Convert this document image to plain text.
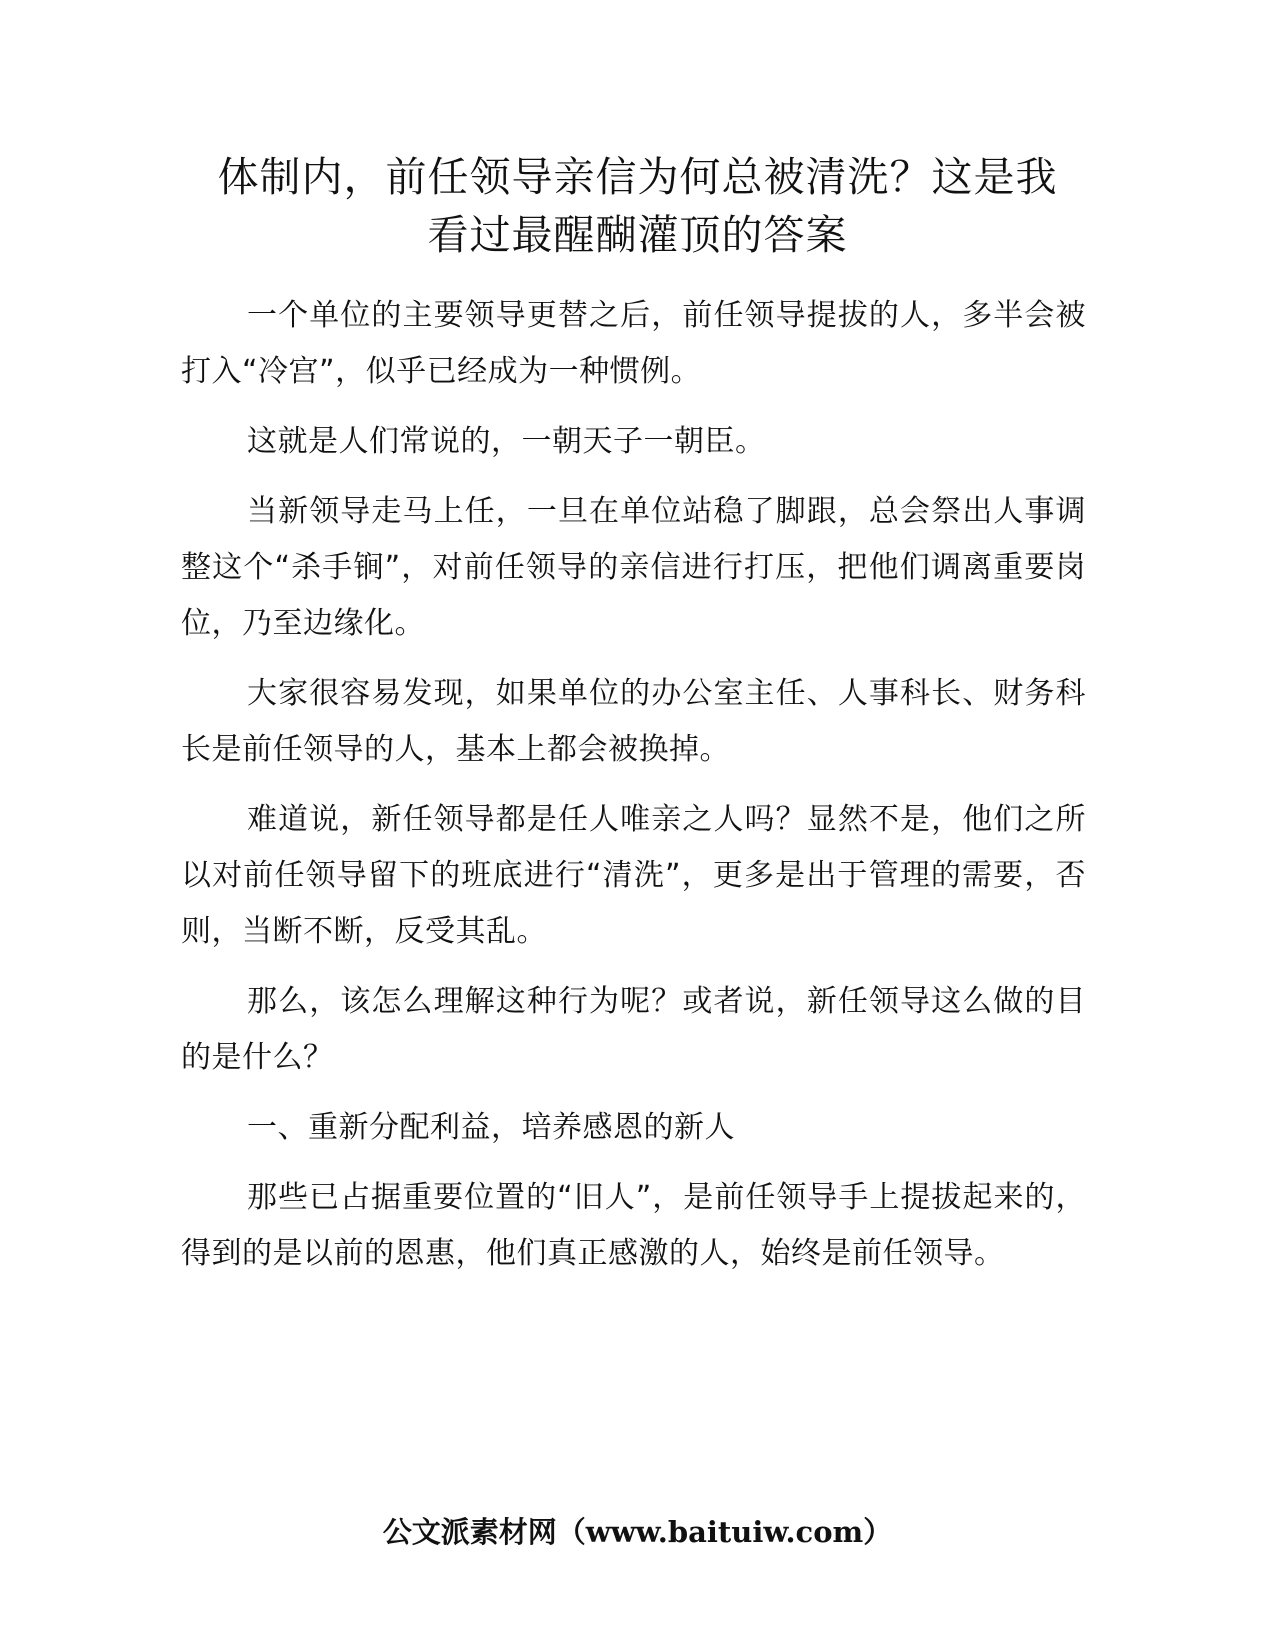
体制内，前任领导亲信为何总被清洗？这是我
看过最醒醐灌顶的答案

一个单位的主要领导更替之后，前任领导提拔的人，多半会被打入“冷宫”，似乎已经成为一种惯例。

这就是人们常说的，一朝天子一朝臣。

当新领导走马上任，一旦在单位站稳了脚跟，总会祭出人事调整这个“杀手锏”，对前任领导的亲信进行打压，把他们调离重要岗位，乃至边缘化。

大家很容易发现，如果单位的办公室主任、人事科长、财务科长是前任领导的人，基本上都会被换掉。

难道说，新任领导都是任人唯亲之人吗？显然不是，他们之所以对前任领导留下的班底进行“清洗”，更多是出于管理的需要，否则，当断不断，反受其乱。

那么，该怎么理解这种行为呢？或者说，新任领导这么做的目的是什么？

一、重新分配利益，培养感恩的新人

那些已占据重要位置的“旧人”，是前任领导手上提拔起来的，得到的是以前的恩惠，他们真正感激的人，始终是前任领导。

公文派素材网（www.baituiw.com）
